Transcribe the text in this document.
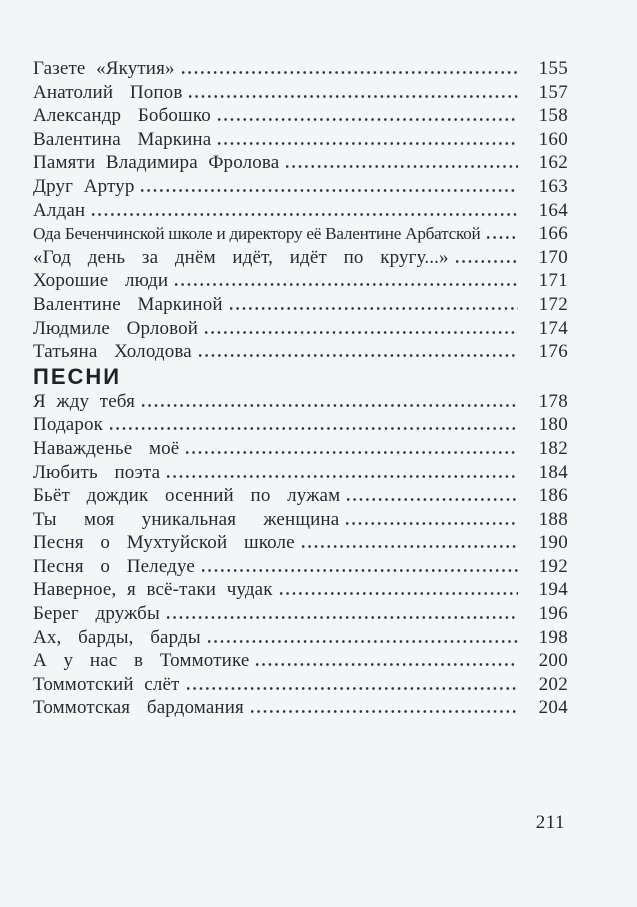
Газете «Якутия»	155
Анатолий Попов	157
Александр Бобошко	158
Валентина Маркина	160
Памяти Владимира Фролова	162
Друг Артур	163
Алдан	164
Ода Беченчинской школе и директору её Валентине Арбатской	166
«Год день за днём идёт, идёт по кругу...»	170
Хорошие люди	171
Валентине Маркиной	172
Людмиле Орловой	174
Татьяна Холодова	176
ПЕСНИ
Я жду тебя	178
Подарок	180
Наважденье моё	182
Любить поэта	184
Бьёт дождик осенний по лужам	186
Ты моя уникальная женщина	188
Песня о Мухтуйской школе	190
Песня о Пеледуе	192
Наверное, я всё-таки чудак	194
Берег дружбы	196
Ах, барды, барды	198
А у нас в Томмотике	200
Томмотский слёт	202
Томмотская бардомания	204
211
